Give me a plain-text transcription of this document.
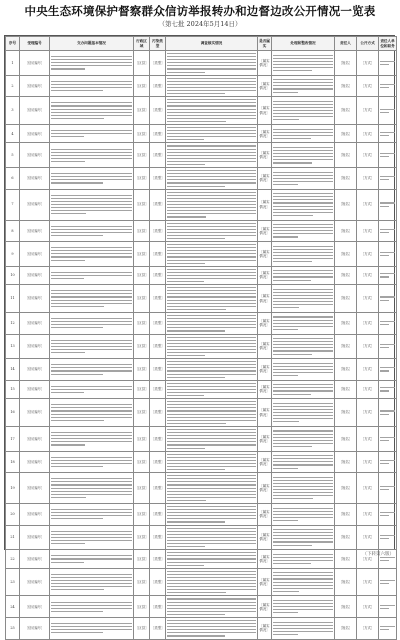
中央生态环境保护督察群众信访举报转办和边督边改公开情况一览表
（第七批 2024年5月14日）
序号	受理编号	交办问题基本情况	行政区域	污染类型	调查核实情况	是否属实	处理和整改情况	责任人	公开方式	责任人单位和职务
1	［信访编号］		［区县］	［类型］		［属实情况］		［姓名］	［方式］	

2	［信访编号］		［区县］	［类型］		［属实情况］		［姓名］	［方式］	

3	［信访编号］		［区县］	［类型］		［属实情况］		［姓名］	［方式］	

4	［信访编号］		［区县］	［类型］		［属实情况］		［姓名］	［方式］	

5	［信访编号］		［区县］	［类型］		［属实情况］		［姓名］	［方式］	

6	［信访编号］		［区县］	［类型］		［属实情况］		［姓名］	［方式］	

7	［信访编号］		［区县］	［类型］		［属实情况］		［姓名］	［方式］	

8	［信访编号］		［区县］	［类型］		［属实情况］		［姓名］	［方式］	

9	［信访编号］		［区县］	［类型］		［属实情况］		［姓名］	［方式］	

10	［信访编号］		［区县］	［类型］		［属实情况］		［姓名］	［方式］	

11	［信访编号］		［区县］	［类型］		［属实情况］		［姓名］	［方式］	

12	［信访编号］		［区县］	［类型］		［属实情况］		［姓名］	［方式］	

13	［信访编号］		［区县］	［类型］		［属实情况］		［姓名］	［方式］	

14	［信访编号］		［区县］	［类型］		［属实情况］		［姓名］	［方式］	

15	［信访编号］		［区县］	［类型］		［属实情况］		［姓名］	［方式］	

16	［信访编号］		［区县］	［类型］		［属实情况］		［姓名］	［方式］	

17	［信访编号］		［区县］	［类型］		［属实情况］		［姓名］	［方式］	

18	［信访编号］		［区县］	［类型］		［属实情况］		［姓名］	［方式］	

19	［信访编号］		［区县］	［类型］		［属实情况］		［姓名］	［方式］	

20	［信访编号］		［区县］	［类型］		［属实情况］		［姓名］	［方式］	

21	［信访编号］		［区县］	［类型］		［属实情况］		［姓名］	［方式］	

22	［信访编号］		［区县］	［类型］		［属实情况］		［姓名］	［方式］	

23	［信访编号］		［区县］	［类型］		［属实情况］		［姓名］	［方式］	

24	［信访编号］		［区县］	［类型］		［属实情况］		［姓名］	［方式］	

25	［信访编号］		［区县］	［类型］		［属实情况］		［姓名］	［方式］	
（下转第六版）
